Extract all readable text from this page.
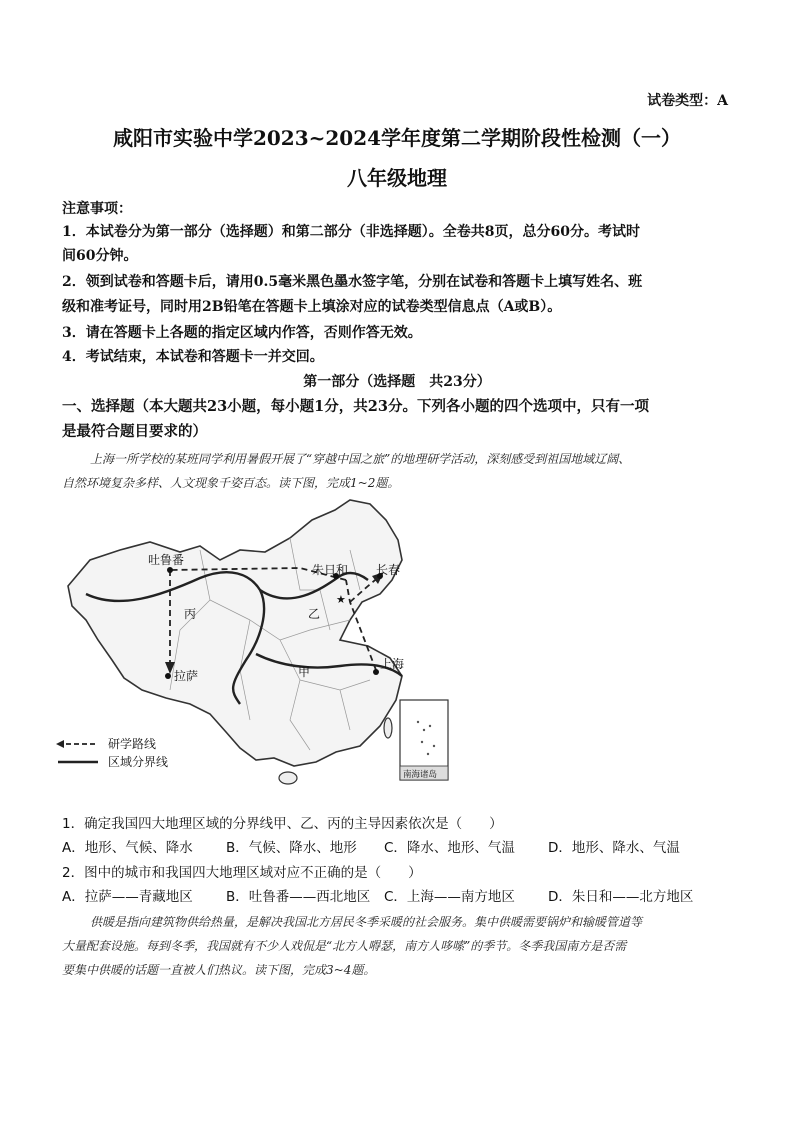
试卷类型：A
咸阳市实验中学2023~2024学年度第二学期阶段性检测（一）
八年级地理
注意事项：
1．本试卷分为第一部分（选择题）和第二部分（非选择题）。全卷共8页，总分60分。考试时
间60分钟。
2．领到试卷和答题卡后，请用0.5毫米黑色墨水签字笔，分别在试卷和答题卡上填写姓名、班
级和准考证号，同时用2B铅笔在答题卡上填涂对应的试卷类型信息点（A或B）。
3．请在答题卡上各题的指定区域内作答，否则作答无效。
4．考试结束，本试卷和答题卡一并交回。
第一部分（选择题　共23分）
一、选择题（本大题共23小题，每小题1分，共23分。下列各小题的四个选项中，只有一项
是最符合题目要求的）
上海一所学校的某班同学利用暑假开展了“穿越中国之旅”的地理研学活动，深刻感受到祖国地域辽阔、
自然环境复杂多样、人文现象千姿百态。读下图，完成1~2题。
★
吐鲁番
朱日和 长春
丙	乙
甲
拉萨
上海
南海诸岛
研学路线
区域分界线
1．确定我国四大地理区域的分界线甲、乙、丙的主导因素依次是（　　）
A．地形、气候、降水 B．气候、降水、地形 C．降水、地形、气温 D．地形、降水、气温
2．图中的城市和我国四大地理区域对应不正确的是（　　）
A．拉萨——青藏地区 B．吐鲁番——西北地区 C．上海——南方地区 D．朱日和——北方地区
供暖是指向建筑物供给热量，是解决我国北方居民冬季采暖的社会服务。集中供暖需要锅炉和输暖管道等
大量配套设施。每到冬季，我国就有不少人戏侃是“北方人嘚瑟，南方人哆嗦”的季节。冬季我国南方是否需
要集中供暖的话题一直被人们热议。读下图，完成3~4题。
